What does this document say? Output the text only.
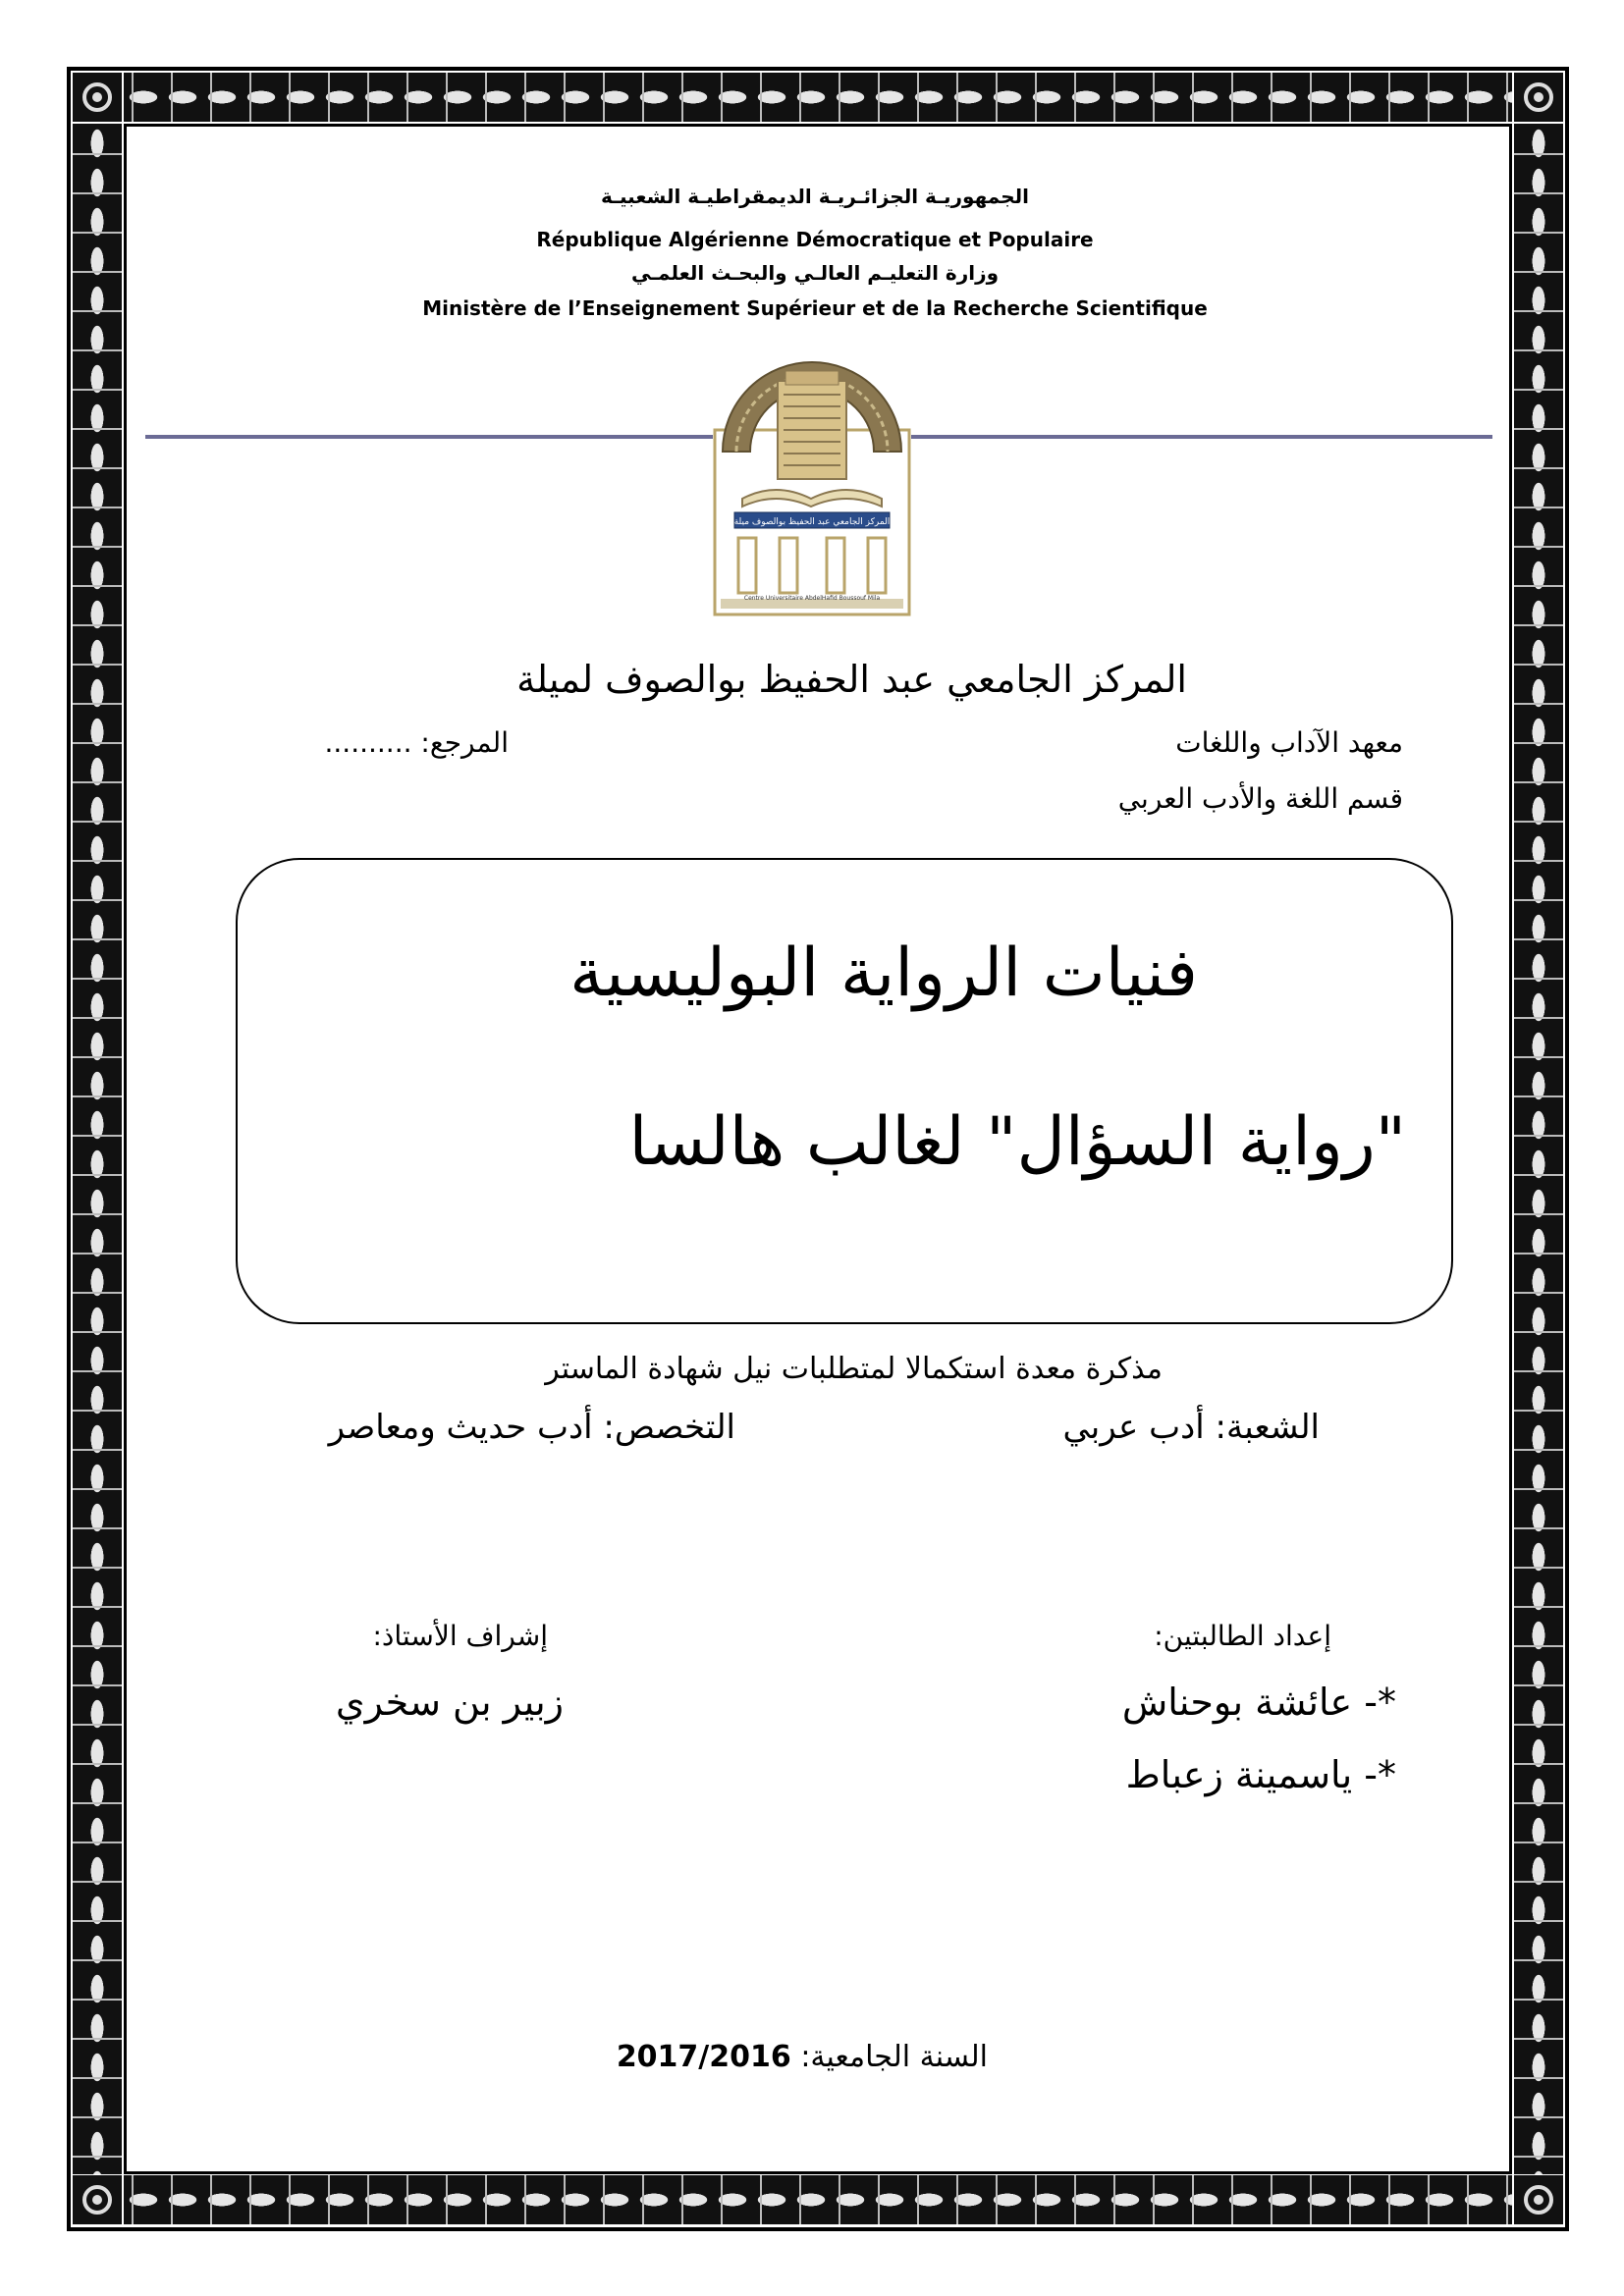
الجمهوريـة الجزائـريـة الديمقراطيـة الشعبيـة
République Algérienne Démocratique et Populaire
وزارة التعليـم العالـي والبحـث العلمـي
Ministère de l’Enseignement Supérieur et de la Recherche Scientifique
المركز الجامعي عبد الحفيظ بوالصوف ميلة
Centre Universitaire AbdelHafid Boussouf Mila
المركز الجامعي عبد الحفيظ بوالصوف لميلة
معهد الآداب واللغات
المرجع: ..........
قسم اللغة والأدب العربي
فنيات الرواية البوليسية
"رواية السؤال" لغالب هالسا
مذكرة معدة استكمالا لمتطلبات نيل شهادة الماستر
الشعبة: أدب عربي
التخصص: أدب حديث ومعاصر
إعداد الطالبتين:
*- عائشة بوحناش
*- ياسمينة زعباط
إشراف الأستاذ:
زبير بن سخري
السنة الجامعية: 2017/2016
